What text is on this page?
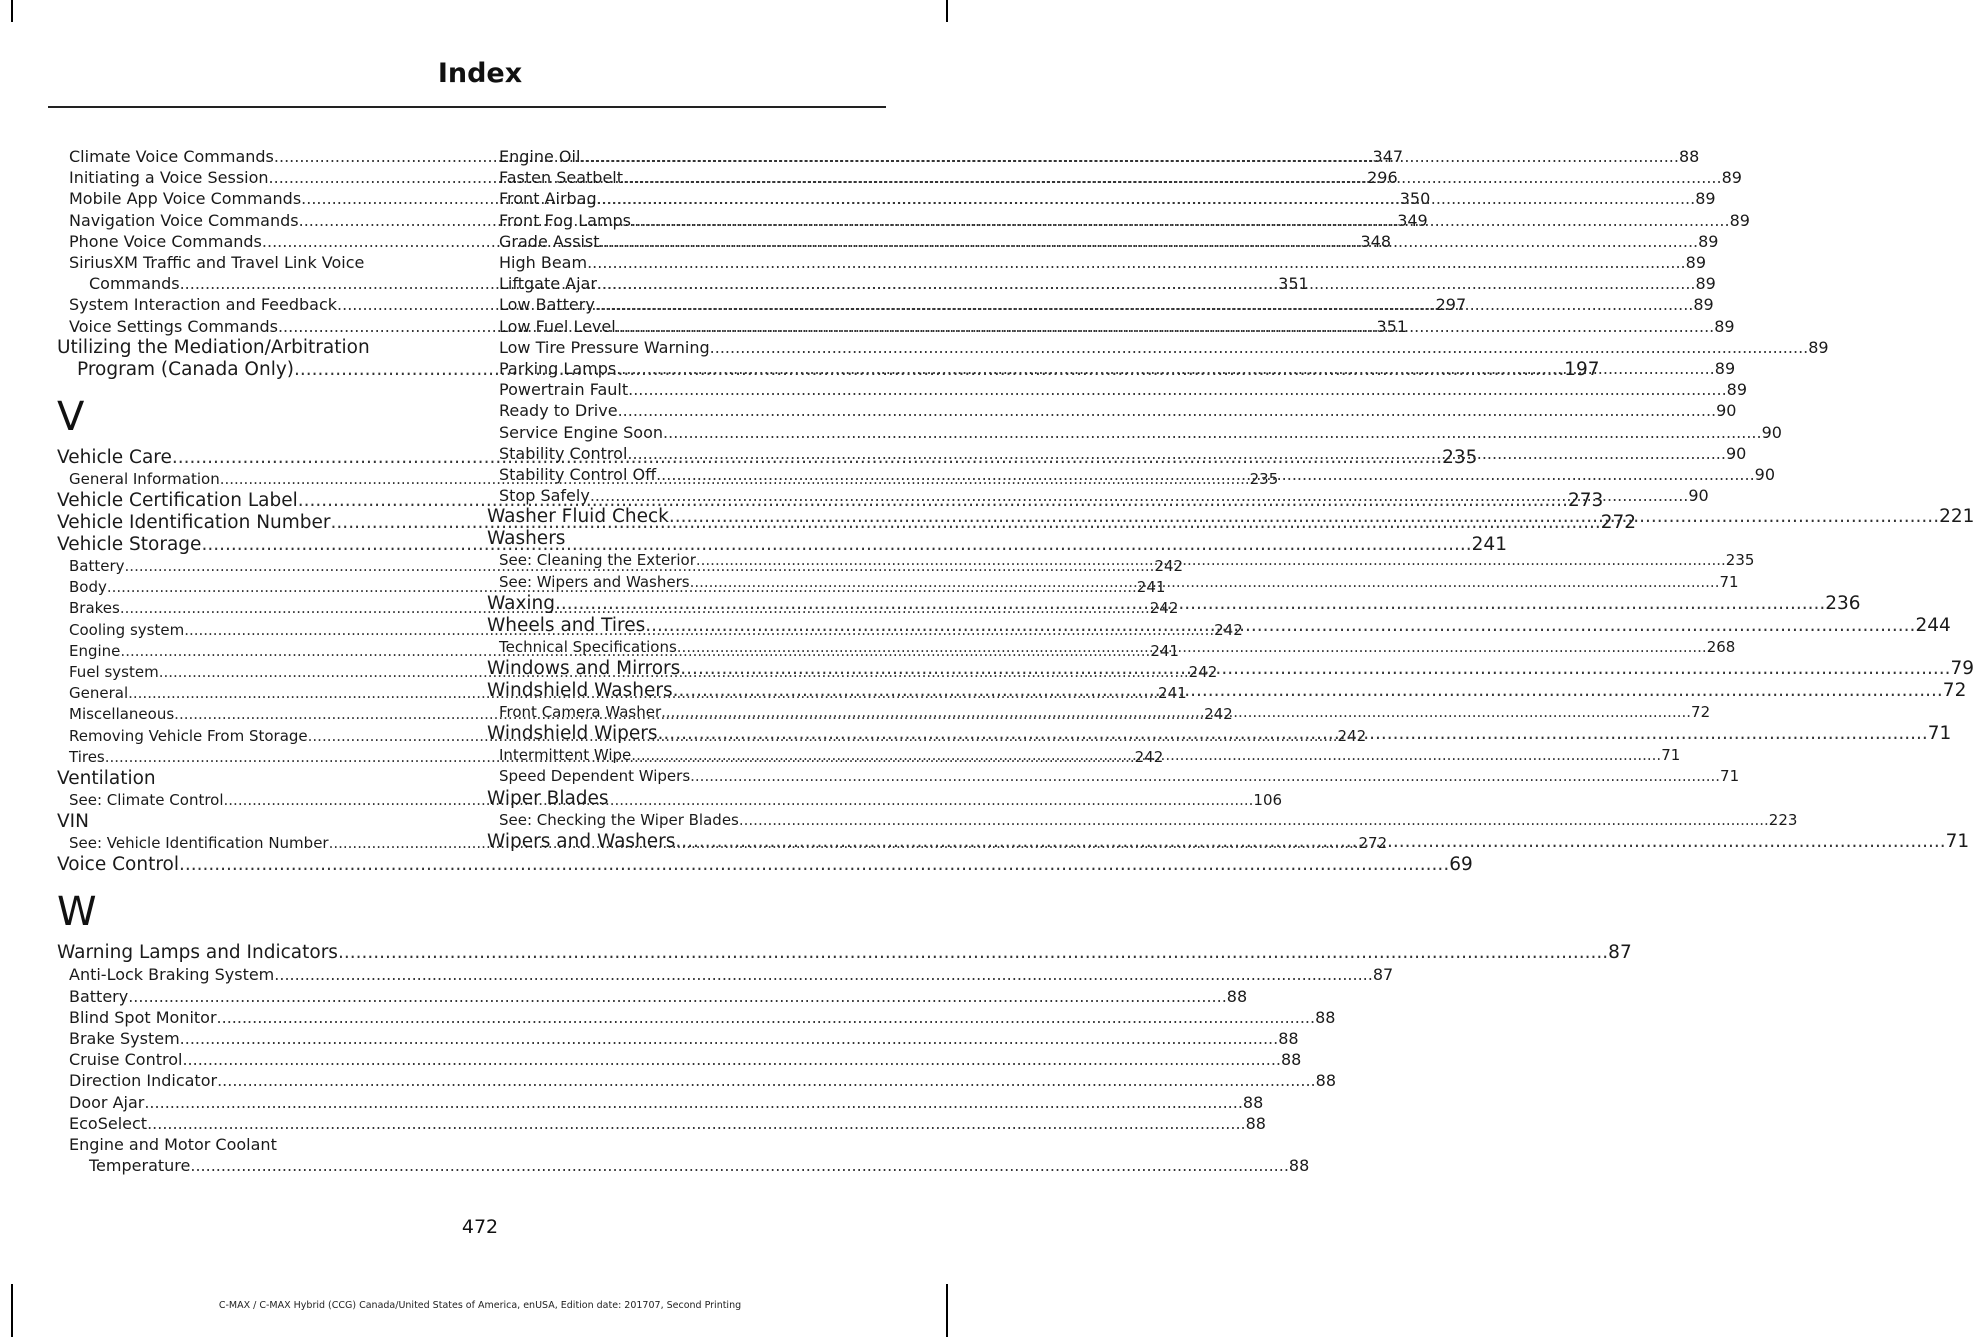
Index
Climate Voice Commands .....	347
Initiating a Voice Session .....	296
Mobile App Voice Commands .....	350
Navigation Voice Commands .....	349
Phone Voice Commands .....	348
SiriusXM Traffic and Travel Link Voice
Commands .....	351
System Interaction and Feedback .....	297
Voice Settings Commands .....	351
Utilizing the Mediation/Arbitration
Program (Canada Only) .....	197
V
Vehicle Care .....	235
General Information .....	235
Vehicle Certification Label .....	273
Vehicle Identification Number .....	272
Vehicle Storage .....	241
Battery .....	242
Body .....	241
Brakes .....	242
Cooling system .....	242
Engine .....	241
Fuel system .....	242
General .....	241
Miscellaneous .....	242
Removing Vehicle From Storage .....	242
Tires .....	242
Ventilation
See: Climate Control .....	106
VIN
See: Vehicle Identification Number .....	272
Voice Control .....	69
W
Warning Lamps and Indicators .....	87
Anti-Lock Braking System .....	87
Battery .....	88
Blind Spot Monitor .....	88
Brake System .....	88
Cruise Control .....	88
Direction Indicator .....	88
Door Ajar .....	88
EcoSelect .....	88
Engine and Motor Coolant
Temperature .....	88
Engine Oil .....	88
Fasten Seatbelt .....	89
Front Airbag .....	89
Front Fog Lamps .....	89
Grade Assist .....	89
High Beam .....	89
Liftgate Ajar .....	89
Low Battery .....	89
Low Fuel Level .....	89
Low Tire Pressure Warning .....	89
Parking Lamps .....	89
Powertrain Fault .....	89
Ready to Drive .....	90
Service Engine Soon .....	90
Stability Control .....	90
Stability Control Off .....	90
Stop Safely .....	90
Washer Fluid Check .....	221
Washers
See: Cleaning the Exterior .....	235
See: Wipers and Washers .....	71
Waxing .....	236
Wheels and Tires .....	244
Technical Specifications .....	268
Windows and Mirrors .....	79
Windshield Washers .....	72
Front Camera Washer .....	72
Windshield Wipers .....	71
Intermittent Wipe .....	71
Speed Dependent Wipers .....	71
Wiper Blades
See: Checking the Wiper Blades .....	223
Wipers and Washers .....	71
472
C-MAX / C-MAX Hybrid (CCG) Canada/United States of America, enUSA, Edition date: 201707, Second Printing
